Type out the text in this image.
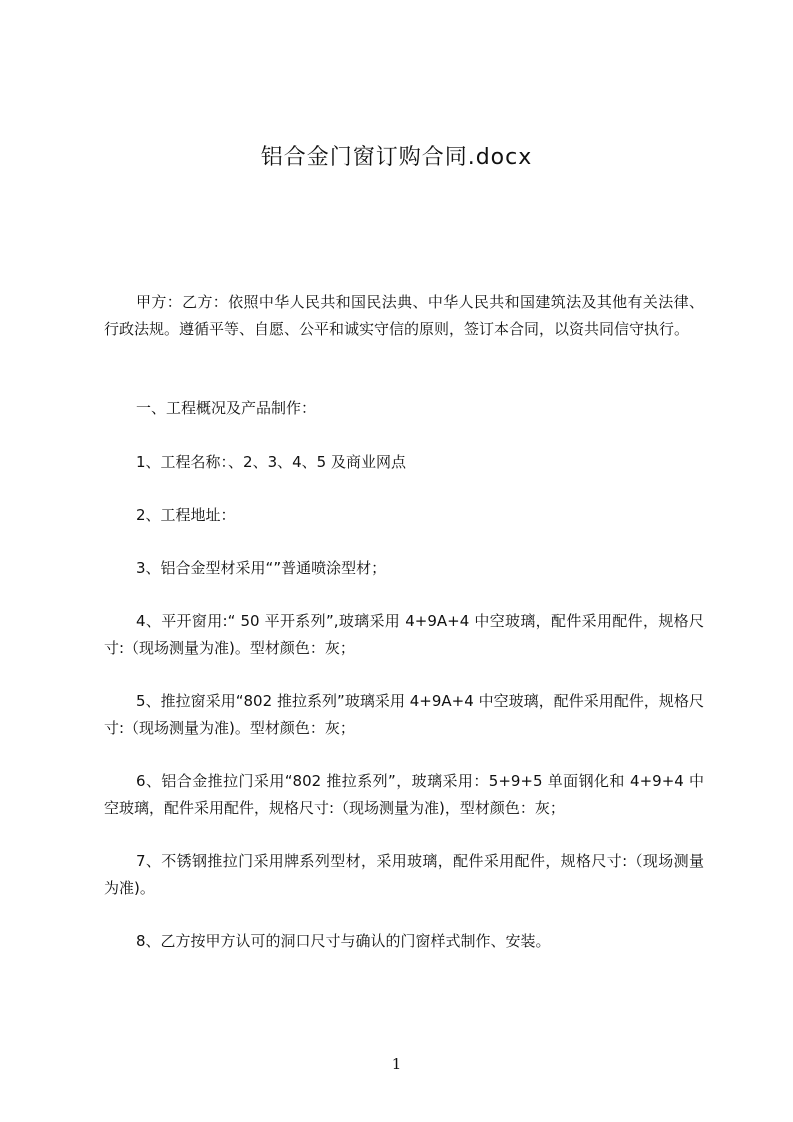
铝合金门窗订购合同.docx
甲方：乙方：依照中华人民共和国民法典、中华人民共和国建筑法及其他有关法律、行政法规。遵循平等、自愿、公平和诚实守信的原则，签订本合同，以资共同信守执行。
一、工程概况及产品制作：
1、工程名称：、2、3、4、5 及商业网点
2、工程地址：
3、铝合金型材采用“”普通喷涂型材；
4、平开窗用:“ 50 平开系列”,玻璃采用 4+9A+4 中空玻璃，配件采用配件，规格尺寸:（现场测量为准)。型材颜色：灰；
5、推拉窗采用“802 推拉系列”玻璃采用 4+9A+4 中空玻璃，配件采用配件，规格尺寸:（现场测量为准)。型材颜色：灰；
6、铝合金推拉门采用“802 推拉系列”，玻璃采用：5+9+5 单面钢化和 4+9+4 中空玻璃，配件采用配件，规格尺寸:（现场测量为准)，型材颜色：灰；
7、不锈钢推拉门采用牌系列型材，采用玻璃，配件采用配件，规格尺寸:（现场测量为准)。
8、乙方按甲方认可的洞口尺寸与确认的门窗样式制作、安装。
1
